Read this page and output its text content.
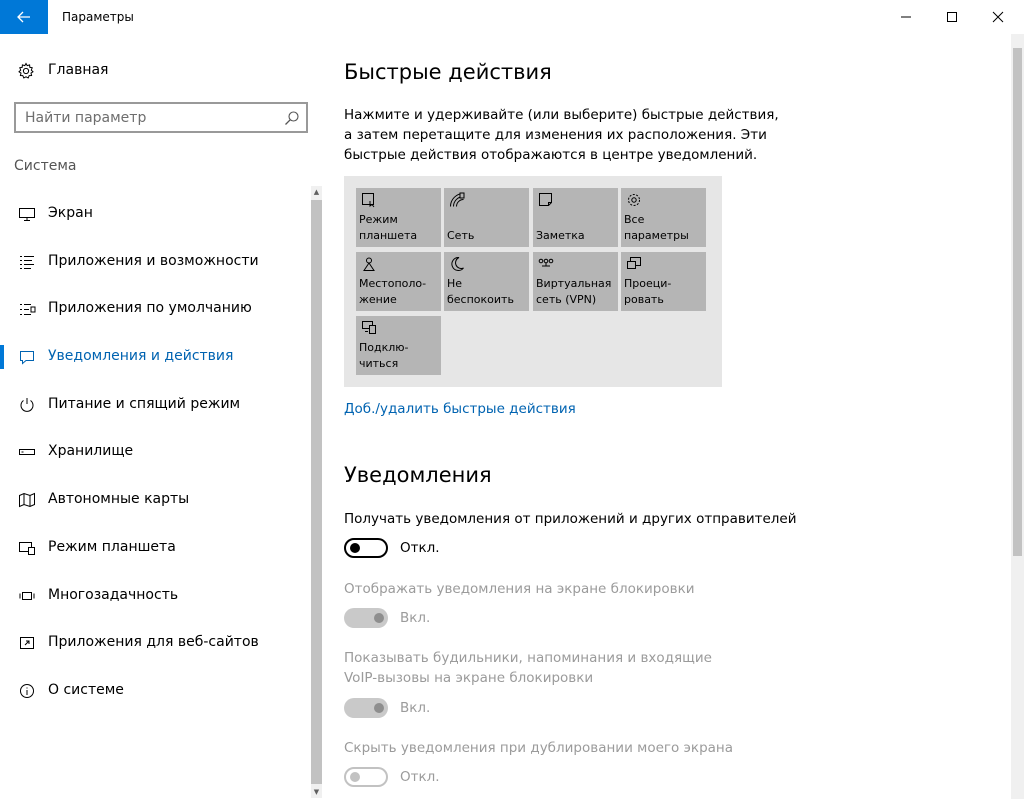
Параметры
Главная
Найти параметр
Система
Экран
Приложения и возможности
Приложения по умолчанию
Уведомления и действия
Питание и спящий режим
Хранилище
Автономные карты
Режим планшета
Многозадачность
Приложения для веб-сайтов
О системе
▲
▼
Быстрые действия
Нажмите и удерживайте (или выберите) быстрые действия, а затем перетащите для изменения их расположения. Эти быстрые действия отображаются в центре уведомлений.
Режим
планшета	Сеть	Заметка
Все
параметры
Местополо-
жение
Не
беспокоить
Виртуальная
сеть (VPN)
Проеци-
ровать
Подклю-
читься
Доб./удалить быстрые действия
Уведомления
Получать уведомления от приложений и других отправителей
Откл.
Отображать уведомления на экране блокировки
Вкл.
Показывать будильники, напоминания и входящие VoIP-вызовы на экране блокировки
Вкл.
Скрыть уведомления при дублировании моего экрана
Откл.
